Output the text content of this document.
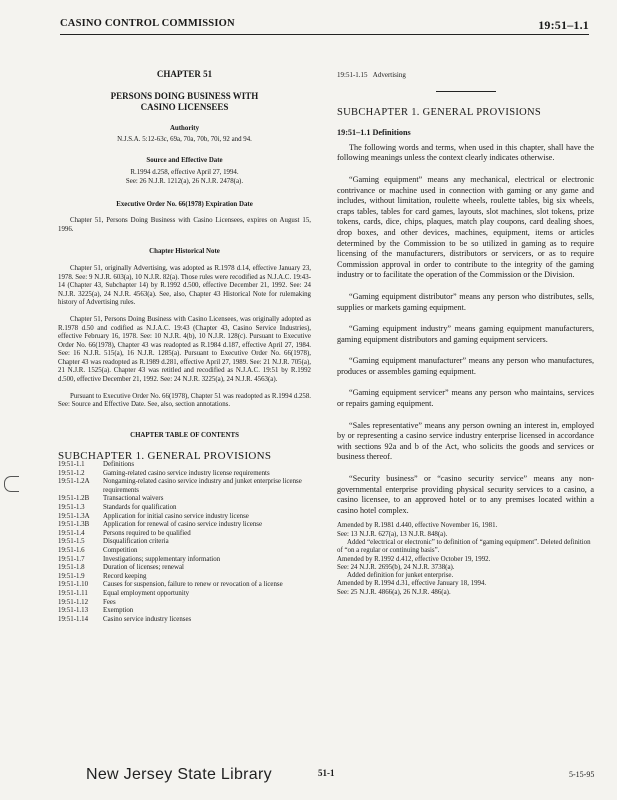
CASINO CONTROL COMMISSION	19:51–1.1
CHAPTER 51
PERSONS DOING BUSINESS WITH
CASINO LICENSEES
Authority
N.J.S.A. 5:12-63c, 69a, 70a, 70b, 70i, 92 and 94.
Source and Effective Date
R.1994 d.258, effective April 27, 1994.
See: 26 N.J.R. 1212(a), 26 N.J.R. 2478(a).
Executive Order No. 66(1978) Expiration Date

Chapter 51, Persons Doing Business with Casino Licensees, expires on August 15, 1996.

Chapter Historical Note

Chapter 51, originally Advertising, was adopted as R.1978 d.14, effective January 23, 1978. See: 9 N.J.R. 603(a), 10 N.J.R. 82(a). Those rules were recodified as N.J.A.C. 19:43-14 (Chapter 43, Subchapter 14) by R.1992 d.500, effective December 21, 1992. See: 24 N.J.R. 3225(a), 24 N.J.R. 4563(a). See, also, Chapter 43 Historical Note for rulemaking history of Advertising rules.

Chapter 51, Persons Doing Business with Casino Licensees, was originally adopted as R.1978 d.50 and codified as N.J.A.C. 19:43 (Chapter 43, Casino Service Industries), effective February 16, 1978. See: 10 N.J.R. 4(b), 10 N.J.R. 128(c). Pursuant to Executive Order No. 66(1978), Chapter 43 was readopted as R.1984 d.187, effective April 27, 1984. See: 16 N.J.R. 515(a), 16 N.J.R. 1285(a). Pursuant to Executive Order No. 66(1978), Chapter 43 was readopted as R.1989 d.281, effective April 27, 1989. See: 21 N.J.R. 705(a), 21 N.J.R. 1525(a). Chapter 43 was retitled and recodified as N.J.A.C. 19:51 by R.1992 d.500, effective December 21, 1992. See: 24 N.J.R. 3225(a), 24 N.J.R. 4563(a).

Pursuant to Executive Order No. 66(1978), Chapter 51 was readopted as R.1994 d.258. See: Source and Effective Date. See, also, section annotations.

CHAPTER TABLE OF CONTENTS
SUBCHAPTER 1. GENERAL PROVISIONS
19:51-1.1	Definitions
19:51-1.2	Gaming-related casino service industry license requirements
19:51-1.2A	Nongaming-related casino service industry and junket enterprise license requirements
19:51-1.2B	Transactional waivers
19:51-1.3	Standards for qualification
19:51-1.3A	Application for initial casino service industry license
19:51-1.3B	Application for renewal of casino service industry license
19:51-1.4	Persons required to be qualified
19:51-1.5	Disqualification criteria
19:51-1.6	Competition
19:51-1.7	Investigations; supplementary information
19:51-1.8	Duration of licenses; renewal
19:51-1.9	Record keeping
19:51-1.10	Causes for suspension, failure to renew or revocation of a license
19:51-1.11	Equal employment opportunity
19:51-1.12	Fees
19:51-1.13	Exemption
19:51-1.14	Casino service industry licenses
19:51-1.15 Advertising
SUBCHAPTER 1. GENERAL PROVISIONS
19:51–1.1 Definitions

The following words and terms, when used in this chapter, shall have the following meanings unless the context clearly indicates otherwise.

“Gaming equipment” means any mechanical, electrical or electronic contrivance or machine used in connection with gaming or any game and includes, without limitation, roulette wheels, roulette tables, big six wheels, craps tables, tables for card games, layouts, slot machines, slot tokens, prize tokens, cards, dice, chips, plaques, match play coupons, card dealing shoes, drop boxes, and other devices, machines, equipment, items or articles determined by the Commission to be so utilized in gaming as to require licensing of the manufacturers, distributors or servicers, or as to require Commission approval in order to contribute to the integrity of the gaming industry or to facilitate the operation of the Commission or the Division.

“Gaming equipment distributor” means any person who distributes, sells, supplies or markets gaming equipment.

“Gaming equipment industry” means gaming equipment manufacturers, gaming equipment distributors and gaming equipment servicers.

“Gaming equipment manufacturer” means any person who manufactures, produces or assembles gaming equipment.

“Gaming equipment servicer” means any person who maintains, services or repairs gaming equipment.

“Sales representative” means any person owning an interest in, employed by or representing a casino service industry enterprise licensed in accordance with sections 92a and b of the Act, who solicits the goods and services or business thereof.

“Security business” or “casino security service” means any non-governmental enterprise providing physical security services to a casino, a casino licensee, to an approved hotel or to any premises located within a casino hotel complex.

Amended by R.1981 d.440, effective November 16, 1981.
See: 13 N.J.R. 627(a), 13 N.J.R. 848(a).
Added “electrical or electronic” to definition of “gaming equipment”. Deleted definition of “on a regular or continuing basis”.
Amended by R.1992 d.412, effective October 19, 1992.
See: 24 N.J.R. 2695(b), 24 N.J.R. 3738(a).
Added definition for junket enterprise.
Amended by R.1994 d.31, effective January 18, 1994.
See: 25 N.J.R. 4866(a), 26 N.J.R. 486(a).
New Jersey State Library	51-1	5-15-95
